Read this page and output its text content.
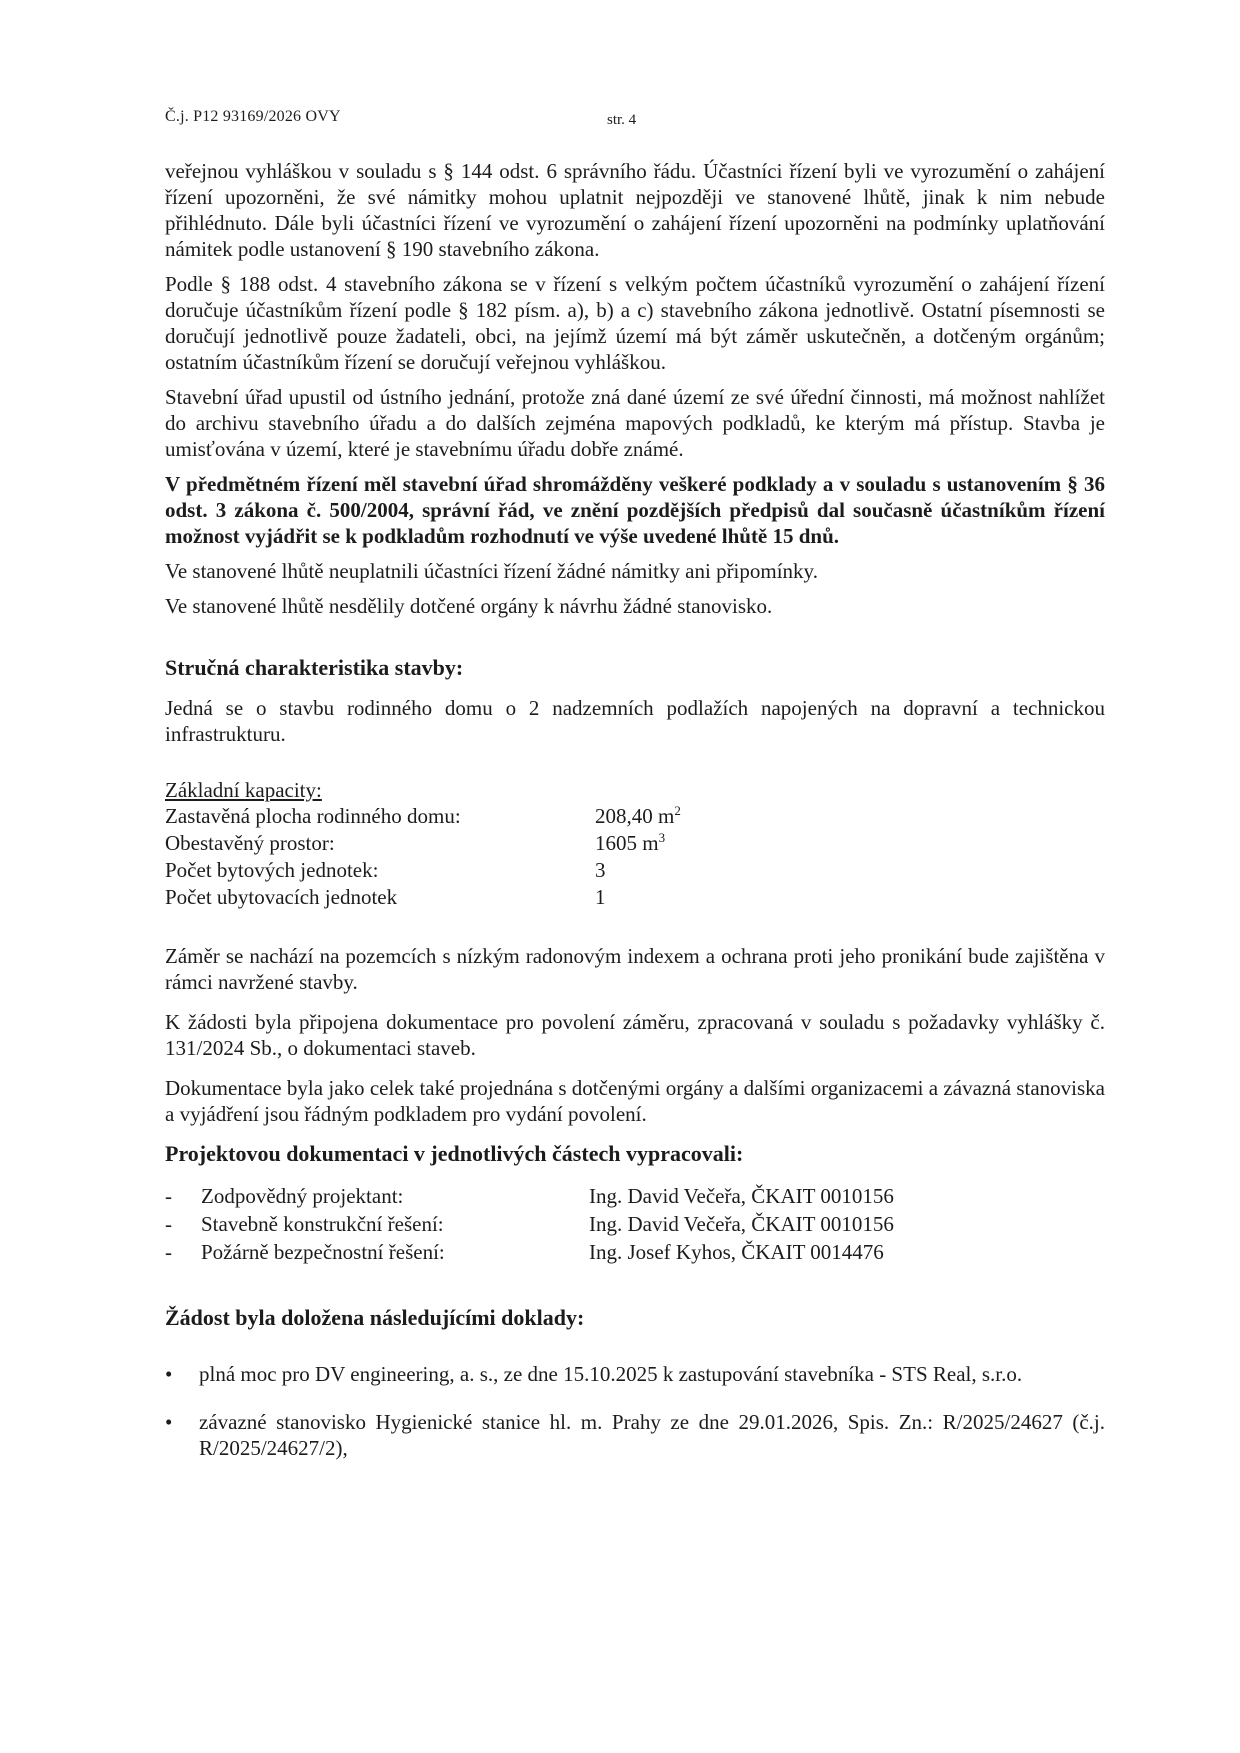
Č.j. P12 93169/2026 OVY	str. 4

veřejnou vyhláškou v souladu s § 144 odst. 6 správního řádu. Účastníci řízení byli ve vyrozumění o zahájení řízení upozorněni, že své námitky mohou uplatnit nejpozději ve stanovené lhůtě, jinak k nim nebude přihlédnuto. Dále byli účastníci řízení ve vyrozumění o zahájení řízení upozorněni na podmínky uplatňování námitek podle ustanovení § 190 stavebního zákona.

Podle § 188 odst. 4 stavebního zákona se v řízení s velkým počtem účastníků vyrozumění o zahájení řízení doručuje účastníkům řízení podle § 182 písm. a), b) a c) stavebního zákona jednotlivě. Ostatní písemnosti se doručují jednotlivě pouze žadateli, obci, na jejímž území má být záměr uskutečněn, a dotčeným orgánům; ostatním účastníkům řízení se doručují veřejnou vyhláškou.

Stavební úřad upustil od ústního jednání, protože zná dané území ze své úřední činnosti, má možnost nahlížet do archivu stavebního úřadu a do dalších zejména mapových podkladů, ke kterým má přístup. Stavba je umisťována v území, které je stavebnímu úřadu dobře známé.

V předmětném řízení měl stavební úřad shromážděny veškeré podklady a v souladu s ustanovením § 36 odst. 3 zákona č. 500/2004, správní řád, ve znění pozdějších předpisů dal současně účastníkům řízení možnost vyjádřit se k podkladům rozhodnutí ve výše uvedené lhůtě 15 dnů.

Ve stanovené lhůtě neuplatnili účastníci řízení žádné námitky ani připomínky.

Ve stanovené lhůtě nesdělily dotčené orgány k návrhu žádné stanovisko.

Stručná charakteristika stavby:

Jedná se o stavbu rodinného domu o 2 nadzemních podlažích napojených na dopravní a technickou infrastrukturu.

Základní kapacity:

Zastavěná plocha rodinného domu:	208,40 $m^2$
Obestavěný prostor:	1605 $m^3$
Počet bytových jednotek:	3
Počet ubytovacích jednotek	1

Záměr se nachází na pozemcích s nízkým radonovým indexem a ochrana proti jeho pronikání bude zajištěna v rámci navržené stavby.

K žádosti byla připojena dokumentace pro povolení záměru, zpracovaná v souladu s požadavky vyhlášky č. 131/2024 Sb., o dokumentaci staveb.

Dokumentace byla jako celek také projednána s dotčenými orgány a dalšími organizacemi a závazná stanoviska a vyjádření jsou řádným podkladem pro vydání povolení.

Projektovou dokumentaci v jednotlivých částech vypracovali:

-	Zodpovědný projektant:	Ing. David Večeřa, ČKAIT 0010156
-	Stavebně konstrukční řešení:	Ing. David Večeřa, ČKAIT 0010156
-	Požárně bezpečnostní řešení:	Ing. Josef Kyhos, ČKAIT 0014476

Žádost byla doložena následujícími doklady:

• plná moc pro DV engineering, a. s., ze dne 15.10.2025 k zastupování stavebníka - STS Real, s.r.o.
• závazné stanovisko Hygienické stanice hl. m. Prahy ze dne 29.01.2026, Spis. Zn.: R/2025/24627 (č.j. R/2025/24627/2),
